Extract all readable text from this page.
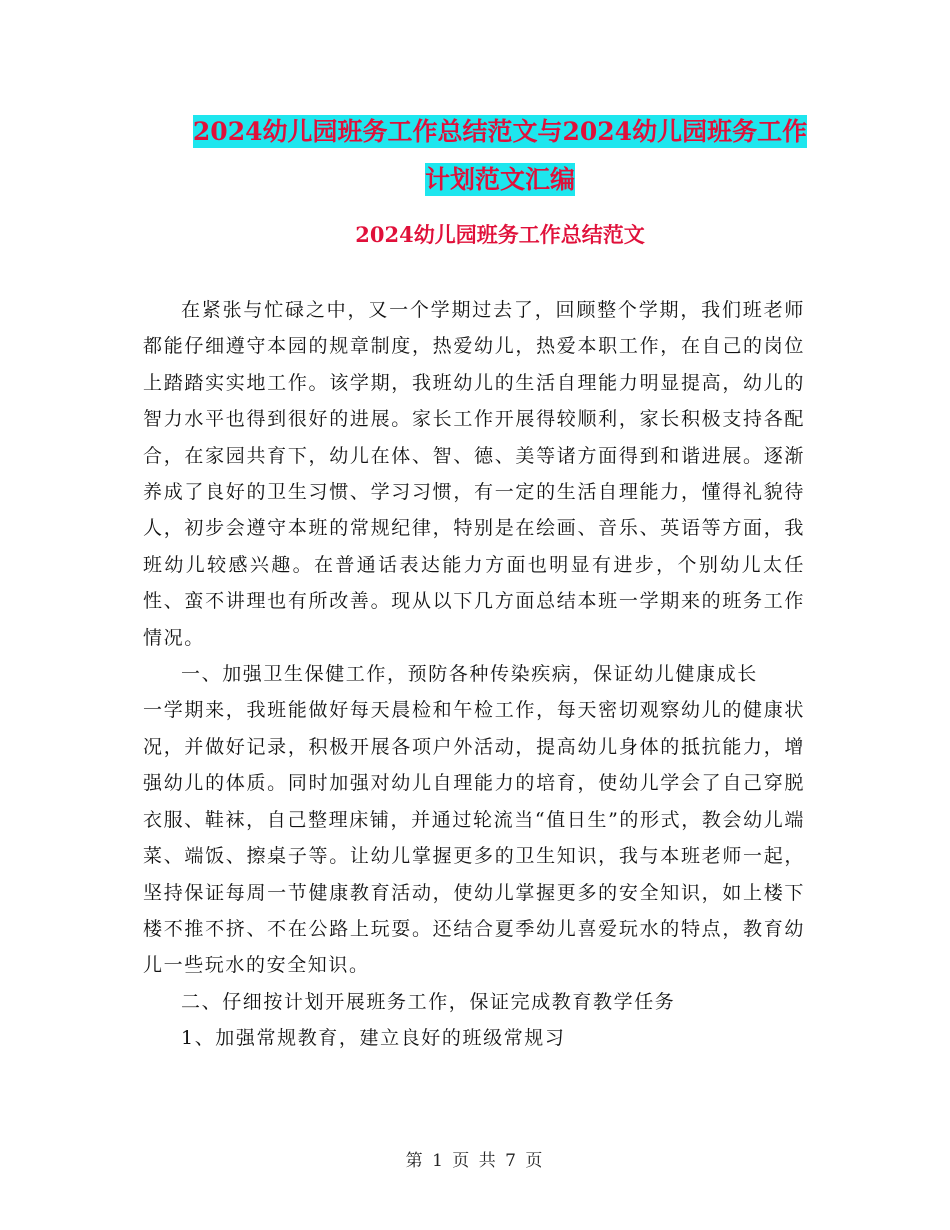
2024幼儿园班务工作总结范文与2024幼儿园班务工作
计划范文汇编
2024幼儿园班务工作总结范文

在紧张与忙碌之中，又一个学期过去了，回顾整个学期，我们班老师都能仔细遵守本园的规章制度，热爱幼儿，热爱本职工作，在自己的岗位上踏踏实实地工作。该学期，我班幼儿的生活自理能力明显提高，幼儿的智力水平也得到很好的进展。家长工作开展得较顺利，家长积极支持各配合，在家园共育下，幼儿在体、智、德、美等诸方面得到和谐进展。逐渐养成了良好的卫生习惯、学习习惯，有一定的生活自理能力，懂得礼貌待人，初步会遵守本班的常规纪律，特别是在绘画、音乐、英语等方面，我班幼儿较感兴趣。在普通话表达能力方面也明显有进步，个别幼儿太任性、蛮不讲理也有所改善。现从以下几方面总结本班一学期来的班务工作情况。

一、加强卫生保健工作，预防各种传染疾病，保证幼儿健康成长

一学期来，我班能做好每天晨检和午检工作，每天密切观察幼儿的健康状况，并做好记录，积极开展各项户外活动，提高幼儿身体的抵抗能力，增强幼儿的体质。同时加强对幼儿自理能力的培育，使幼儿学会了自己穿脱衣服、鞋袜，自己整理床铺，并通过轮流当“值日生”的形式，教会幼儿端菜、端饭、擦桌子等。让幼儿掌握更多的卫生知识，我与本班老师一起，坚持保证每周一节健康教育活动，使幼儿掌握更多的安全知识，如上楼下楼不推不挤、不在公路上玩耍。还结合夏季幼儿喜爱玩水的特点，教育幼儿一些玩水的安全知识。

二、仔细按计划开展班务工作，保证完成教育教学任务

1、加强常规教育，建立良好的班级常规习

第 1 页 共 7 页
